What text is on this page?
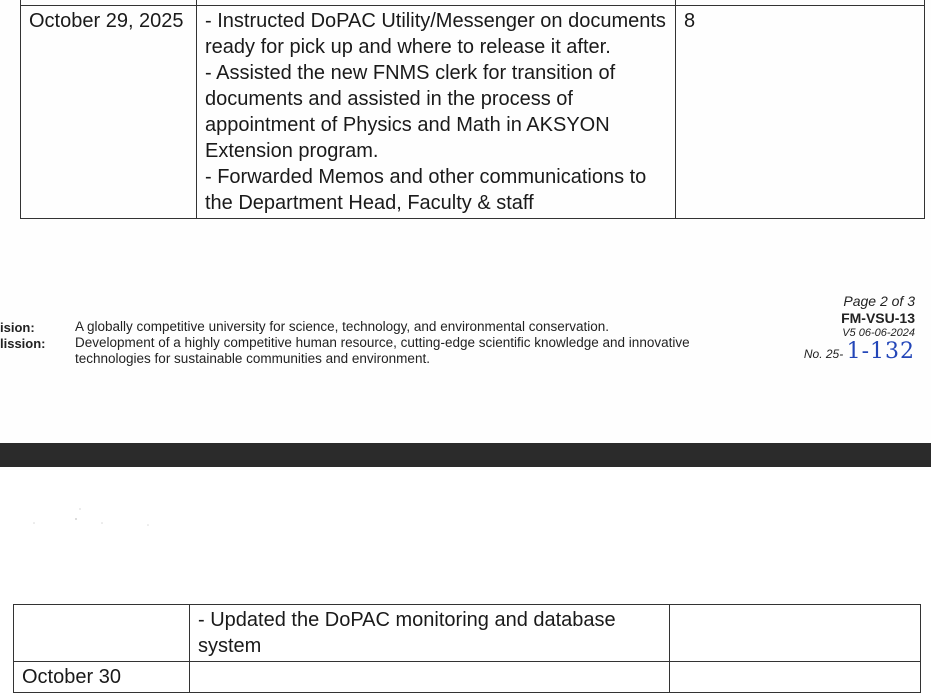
October 29, 2025	- Instructed DoPAC Utility/Messenger on documents ready for pick up and where to release it after.
- Assisted the new FNMS clerk for transition of documents and assisted in the process of appointment of Physics and Math in AKSYON Extension program.
- Forwarded Memos and other communications to the Department Head, Faculty & staff	8
ision:	A globally competitive university for science, technology, and environmental conservation.
lission: Development of a highly competitive human resource, cutting-edge scientific knowledge and innovative technologies for sustainable communities and environment.
Page 2 of 3
FM-VSU-13
V5 06-06-2024
No. 25- 1-132

	- Updated the DoPAC monitoring and database system	

October 30		
